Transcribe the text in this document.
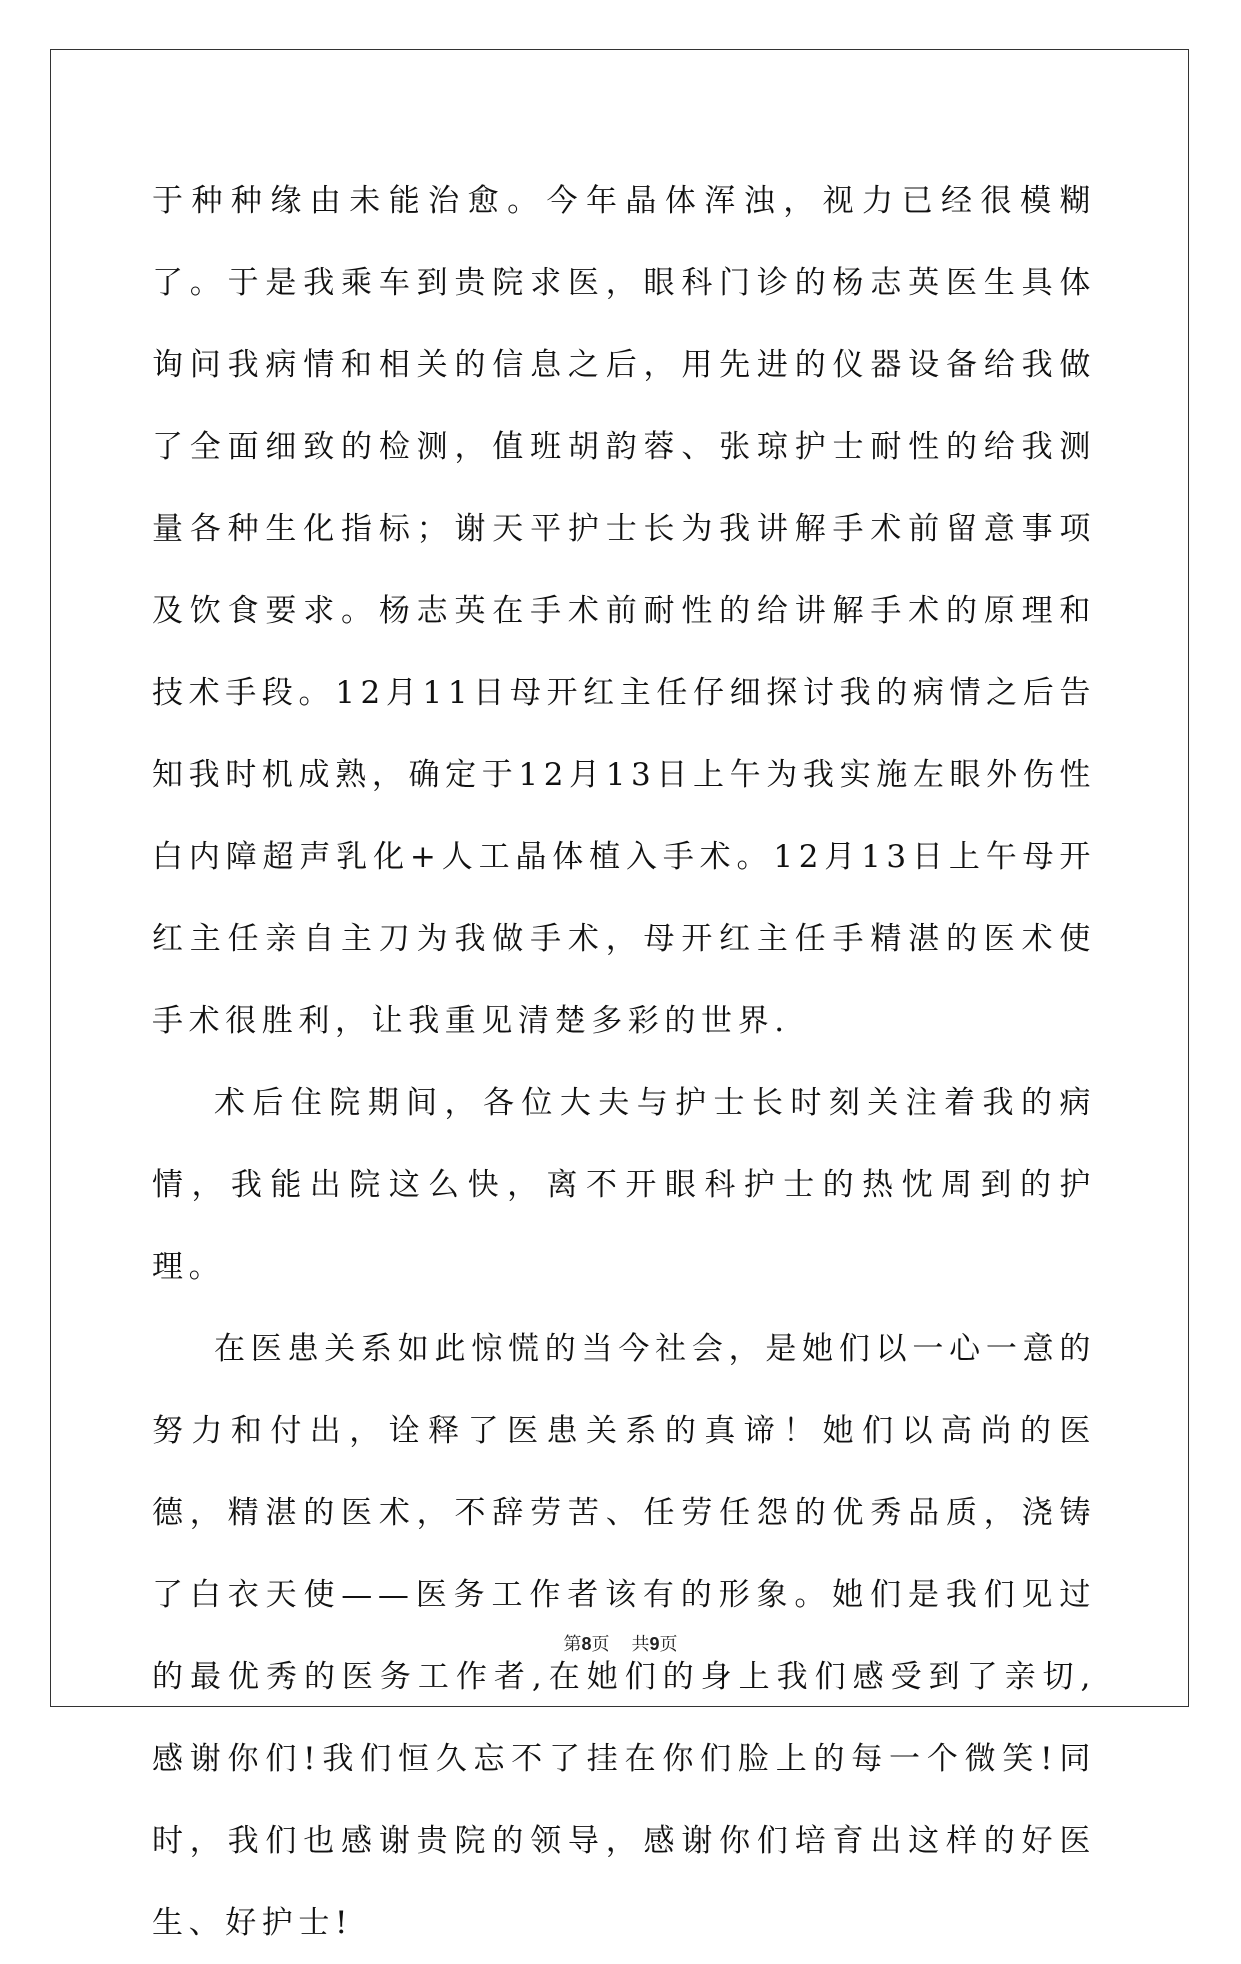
于种种缘由未能治愈。今年晶体浑浊，视力已经很模糊了。于是我乘车到贵院求医，眼科门诊的杨志英医生具体询问我病情和相关的信息之后，用先进的仪器设备给我做了全面细致的检测，值班胡韵蓉、张琼护士耐性的给我测量各种生化指标；谢天平护士长为我讲解手术前留意事项及饮食要求。杨志英在手术前耐性的给讲解手术的原理和技术手段。12月11日母开红主任仔细探讨我的病情之后告知我时机成熟，确定于12月13日上午为我实施左眼外伤性白内障超声乳化+人工晶体植入手术。12月13日上午母开红主任亲自主刀为我做手术，母开红主任手精湛的医术使手术很胜利，让我重见清楚多彩的世界.

术后住院期间，各位大夫与护士长时刻关注着我的病情，我能出院这么快，离不开眼科护士的热忱周到的护理。

在医患关系如此惊慌的当今社会，是她们以一心一意的努力和付出，诠释了医患关系的真谛！她们以高尚的医德，精湛的医术，不辞劳苦、任劳任怨的优秀品质，浇铸了白衣天使——医务工作者该有的形象。她们是我们见过的最优秀的医务工作者,在她们的身上我们感受到了亲切,感谢你们!我们恒久忘不了挂在你们脸上的每一个微笑!同时，我们也感谢贵院的领导，感谢你们培育出这样的好医生、好护士!

第8页 共9页
